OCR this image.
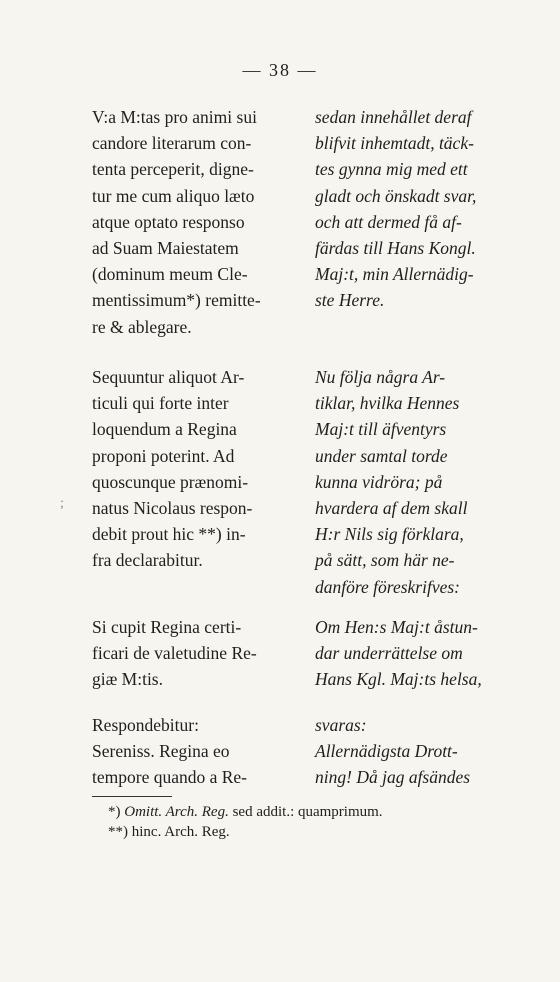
— 38 —
V:a M:tas pro animi sui
candore literarum con-
tenta perceperit, digne-
tur me cum aliquo læto
atque optato responso
ad Suam Maiestatem
(dominum meum Cle-
mentissimum*) remitte-
re & ablegare.
sedan innehållet deraf
blifvit inhemtadt, täck-
tes gynna mig med ett
gladt och önskadt svar,
och att dermed få af-
färdas till Hans Kongl.
Maj:t, min Allernädig-
ste Herre.
Sequuntur aliquot Ar-
ticuli qui forte inter
loquendum a Regina
proponi poterint. Ad
quoscunque prænomi-
natus Nicolaus respon-
debit prout hic **) in-
fra declarabitur.
Nu följa några Ar-
tiklar, hvilka Hennes
Maj:t till äfventyrs
under samtal torde
kunna vidröra; på
hvardera af dem skall
H:r Nils sig förklara,
på sätt, som här ne-
danföre föreskrifves:
Si cupit Regina certi-
ficari de valetudine Re-
giæ M:tis.
Om Hen:s Maj:t åstun-
dar underrättelse om
Hans Kgl. Maj:ts helsa,
Respondebitur:
Sereniss. Regina eo
tempore quando a Re-
svaras:
Allernädigsta Drott-
ning! Då jag afsändes
;
*) Omitt. Arch. Reg. sed addit.: quamprimum.
**) hinc. Arch. Reg.
